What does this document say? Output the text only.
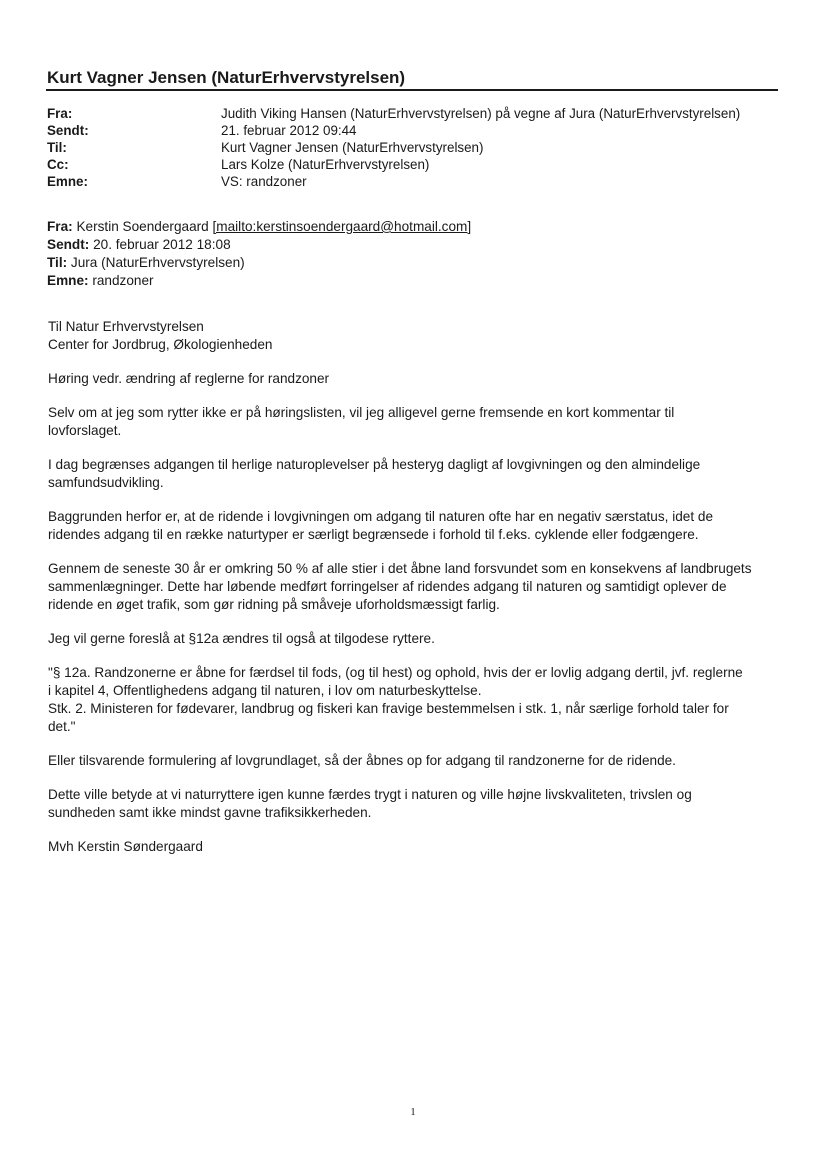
Kurt Vagner Jensen (NaturErhvervstyrelsen)
Fra:	Judith Viking Hansen (NaturErhvervstyrelsen) på vegne af Jura (NaturErhvervstyrelsen)
Sendt:	21. februar 2012 09:44
Til:	Kurt Vagner Jensen (NaturErhvervstyrelsen)
Cc:	Lars Kolze (NaturErhvervstyrelsen)
Emne:	VS: randzoner
Fra: Kerstin Soendergaard [mailto:kerstinsoendergaard@hotmail.com]
Sendt: 20. februar 2012 18:08
Til: Jura (NaturErhvervstyrelsen)
Emne: randzoner

Til Natur Erhvervstyrelsen
Center for Jordbrug, Økologienheden

Høring vedr. ændring af reglerne for randzoner

Selv om at jeg som rytter ikke er på høringslisten, vil jeg alligevel gerne fremsende en kort kommentar til
lovforslaget.

I dag begrænses adgangen til herlige naturoplevelser på hesteryg dagligt af lovgivningen og den almindelige
samfundsudvikling.

Baggrunden herfor er, at de ridende i lovgivningen om adgang til naturen ofte har en negativ særstatus, idet de
ridendes adgang til en række naturtyper er særligt begrænsede i forhold til f.eks. cyklende eller fodgængere.

Gennem de seneste 30 år er omkring 50 % af alle stier i det åbne land forsvundet som en konsekvens af landbrugets
sammenlægninger. Dette har løbende medført forringelser af ridendes adgang til naturen og samtidigt oplever de
ridende en øget trafik, som gør ridning på småveje uforholdsmæssigt farlig.

Jeg vil gerne foreslå at §12a ændres til også at tilgodese ryttere.

"§ 12a. Randzonerne er åbne for færdsel til fods, (og til hest) og ophold, hvis der er lovlig adgang dertil, jvf. reglerne
i kapitel 4, Offentlighedens adgang til naturen, i lov om naturbeskyttelse.
Stk. 2. Ministeren for fødevarer, landbrug og fiskeri kan fravige bestemmelsen i stk. 1, når særlige forhold taler for
det."

Eller tilsvarende formulering af lovgrundlaget, så der åbnes op for adgang til randzonerne for de ridende.

Dette ville betyde at vi naturryttere igen kunne færdes trygt i naturen og ville højne livskvaliteten, trivslen og
sundheden samt ikke mindst gavne trafiksikkerheden.

Mvh Kerstin Søndergaard

1
